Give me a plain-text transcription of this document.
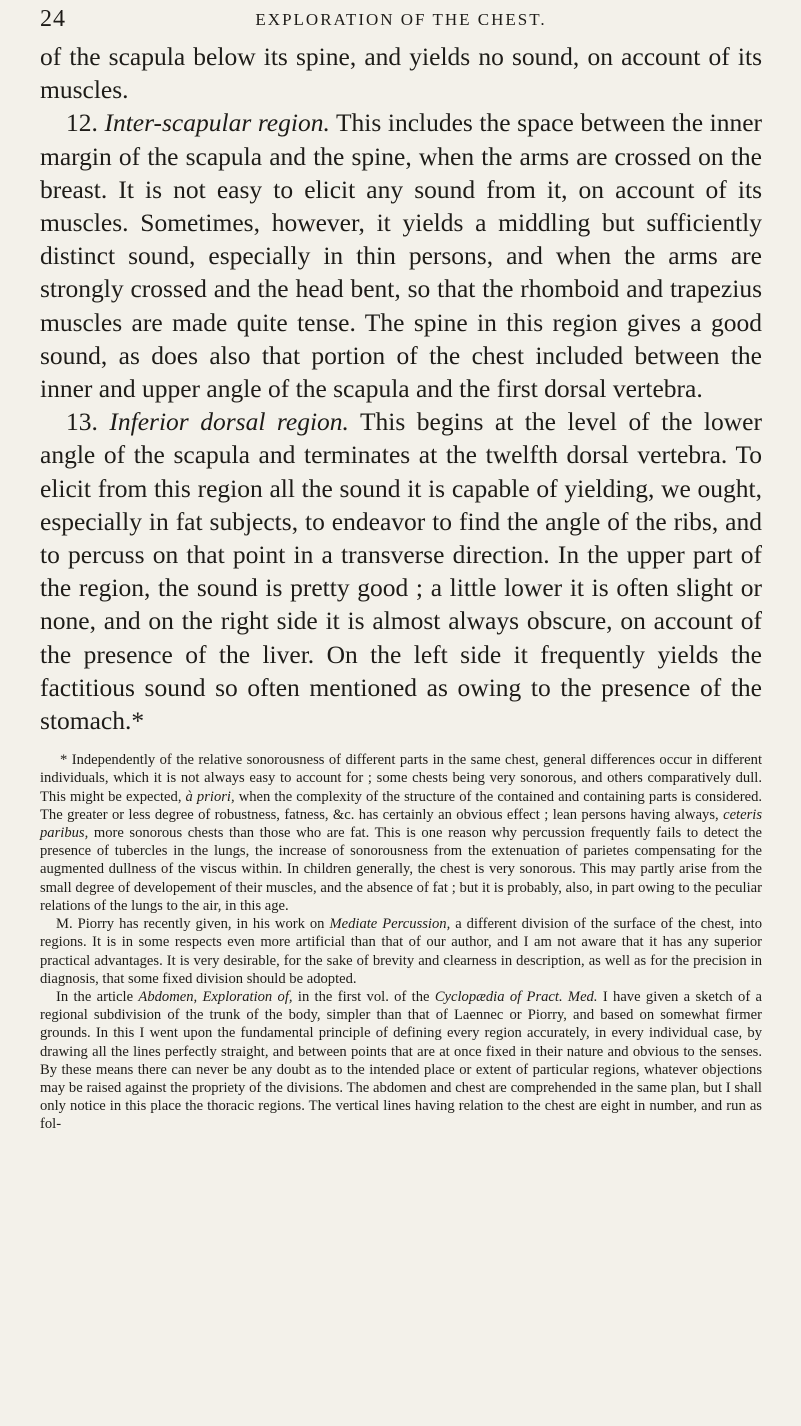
24	EXPLORATION OF THE CHEST.

of the scapula below its spine, and yields no sound, on account of its muscles.

12. Inter-scapular region. This includes the space between the inner margin of the scapula and the spine, when the arms are crossed on the breast. It is not easy to elicit any sound from it, on account of its muscles. Sometimes, however, it yields a middling but sufficiently distinct sound, especially in thin persons, and when the arms are strongly crossed and the head bent, so that the rhomboid and trapezius muscles are made quite tense. The spine in this region gives a good sound, as does also that portion of the chest included between the inner and upper angle of the scapula and the first dorsal vertebra.

13. Inferior dorsal region. This begins at the level of the lower angle of the scapula and terminates at the twelfth dorsal vertebra. To elicit from this region all the sound it is capable of yielding, we ought, especially in fat subjects, to endeavor to find the angle of the ribs, and to percuss on that point in a transverse direction. In the upper part of the region, the sound is pretty good ; a little lower it is often slight or none, and on the right side it is almost always obscure, on account of the presence of the liver. On the left side it frequently yields the factitious sound so often mentioned as owing to the presence of the stomach.*

* Independently of the relative sonorousness of different parts in the same chest, general differences occur in different individuals, which it is not always easy to account for ; some chests being very sonorous, and others comparatively dull. This might be expected, à priori, when the complexity of the structure of the contained and containing parts is considered. The greater or less degree of robustness, fatness, &c. has certainly an obvious effect ; lean persons having always, ceteris paribus, more sonorous chests than those who are fat. This is one reason why percussion frequently fails to detect the presence of tubercles in the lungs, the increase of sonorousness from the extenuation of parietes compensating for the augmented dullness of the viscus within. In children generally, the chest is very sonorous. This may partly arise from the small degree of developement of their muscles, and the absence of fat ; but it is probably, also, in part owing to the peculiar relations of the lungs to the air, in this age.

M. Piorry has recently given, in his work on Mediate Percussion, a different division of the surface of the chest, into regions. It is in some respects even more artificial than that of our author, and I am not aware that it has any superior practical advantages. It is very desirable, for the sake of brevity and clearness in description, as well as for the precision in diagnosis, that some fixed division should be adopted.

In the article Abdomen, Exploration of, in the first vol. of the Cyclopædia of Pract. Med. I have given a sketch of a regional subdivision of the trunk of the body, simpler than that of Laennec or Piorry, and based on somewhat firmer grounds. In this I went upon the fundamental principle of defining every region accurately, in every individual case, by drawing all the lines perfectly straight, and between points that are at once fixed in their nature and obvious to the senses. By these means there can never be any doubt as to the intended place or extent of particular regions, whatever objections may be raised against the propriety of the divisions. The abdomen and chest are comprehended in the same plan, but I shall only notice in this place the thoracic regions. The vertical lines having relation to the chest are eight in number, and run as fol-
